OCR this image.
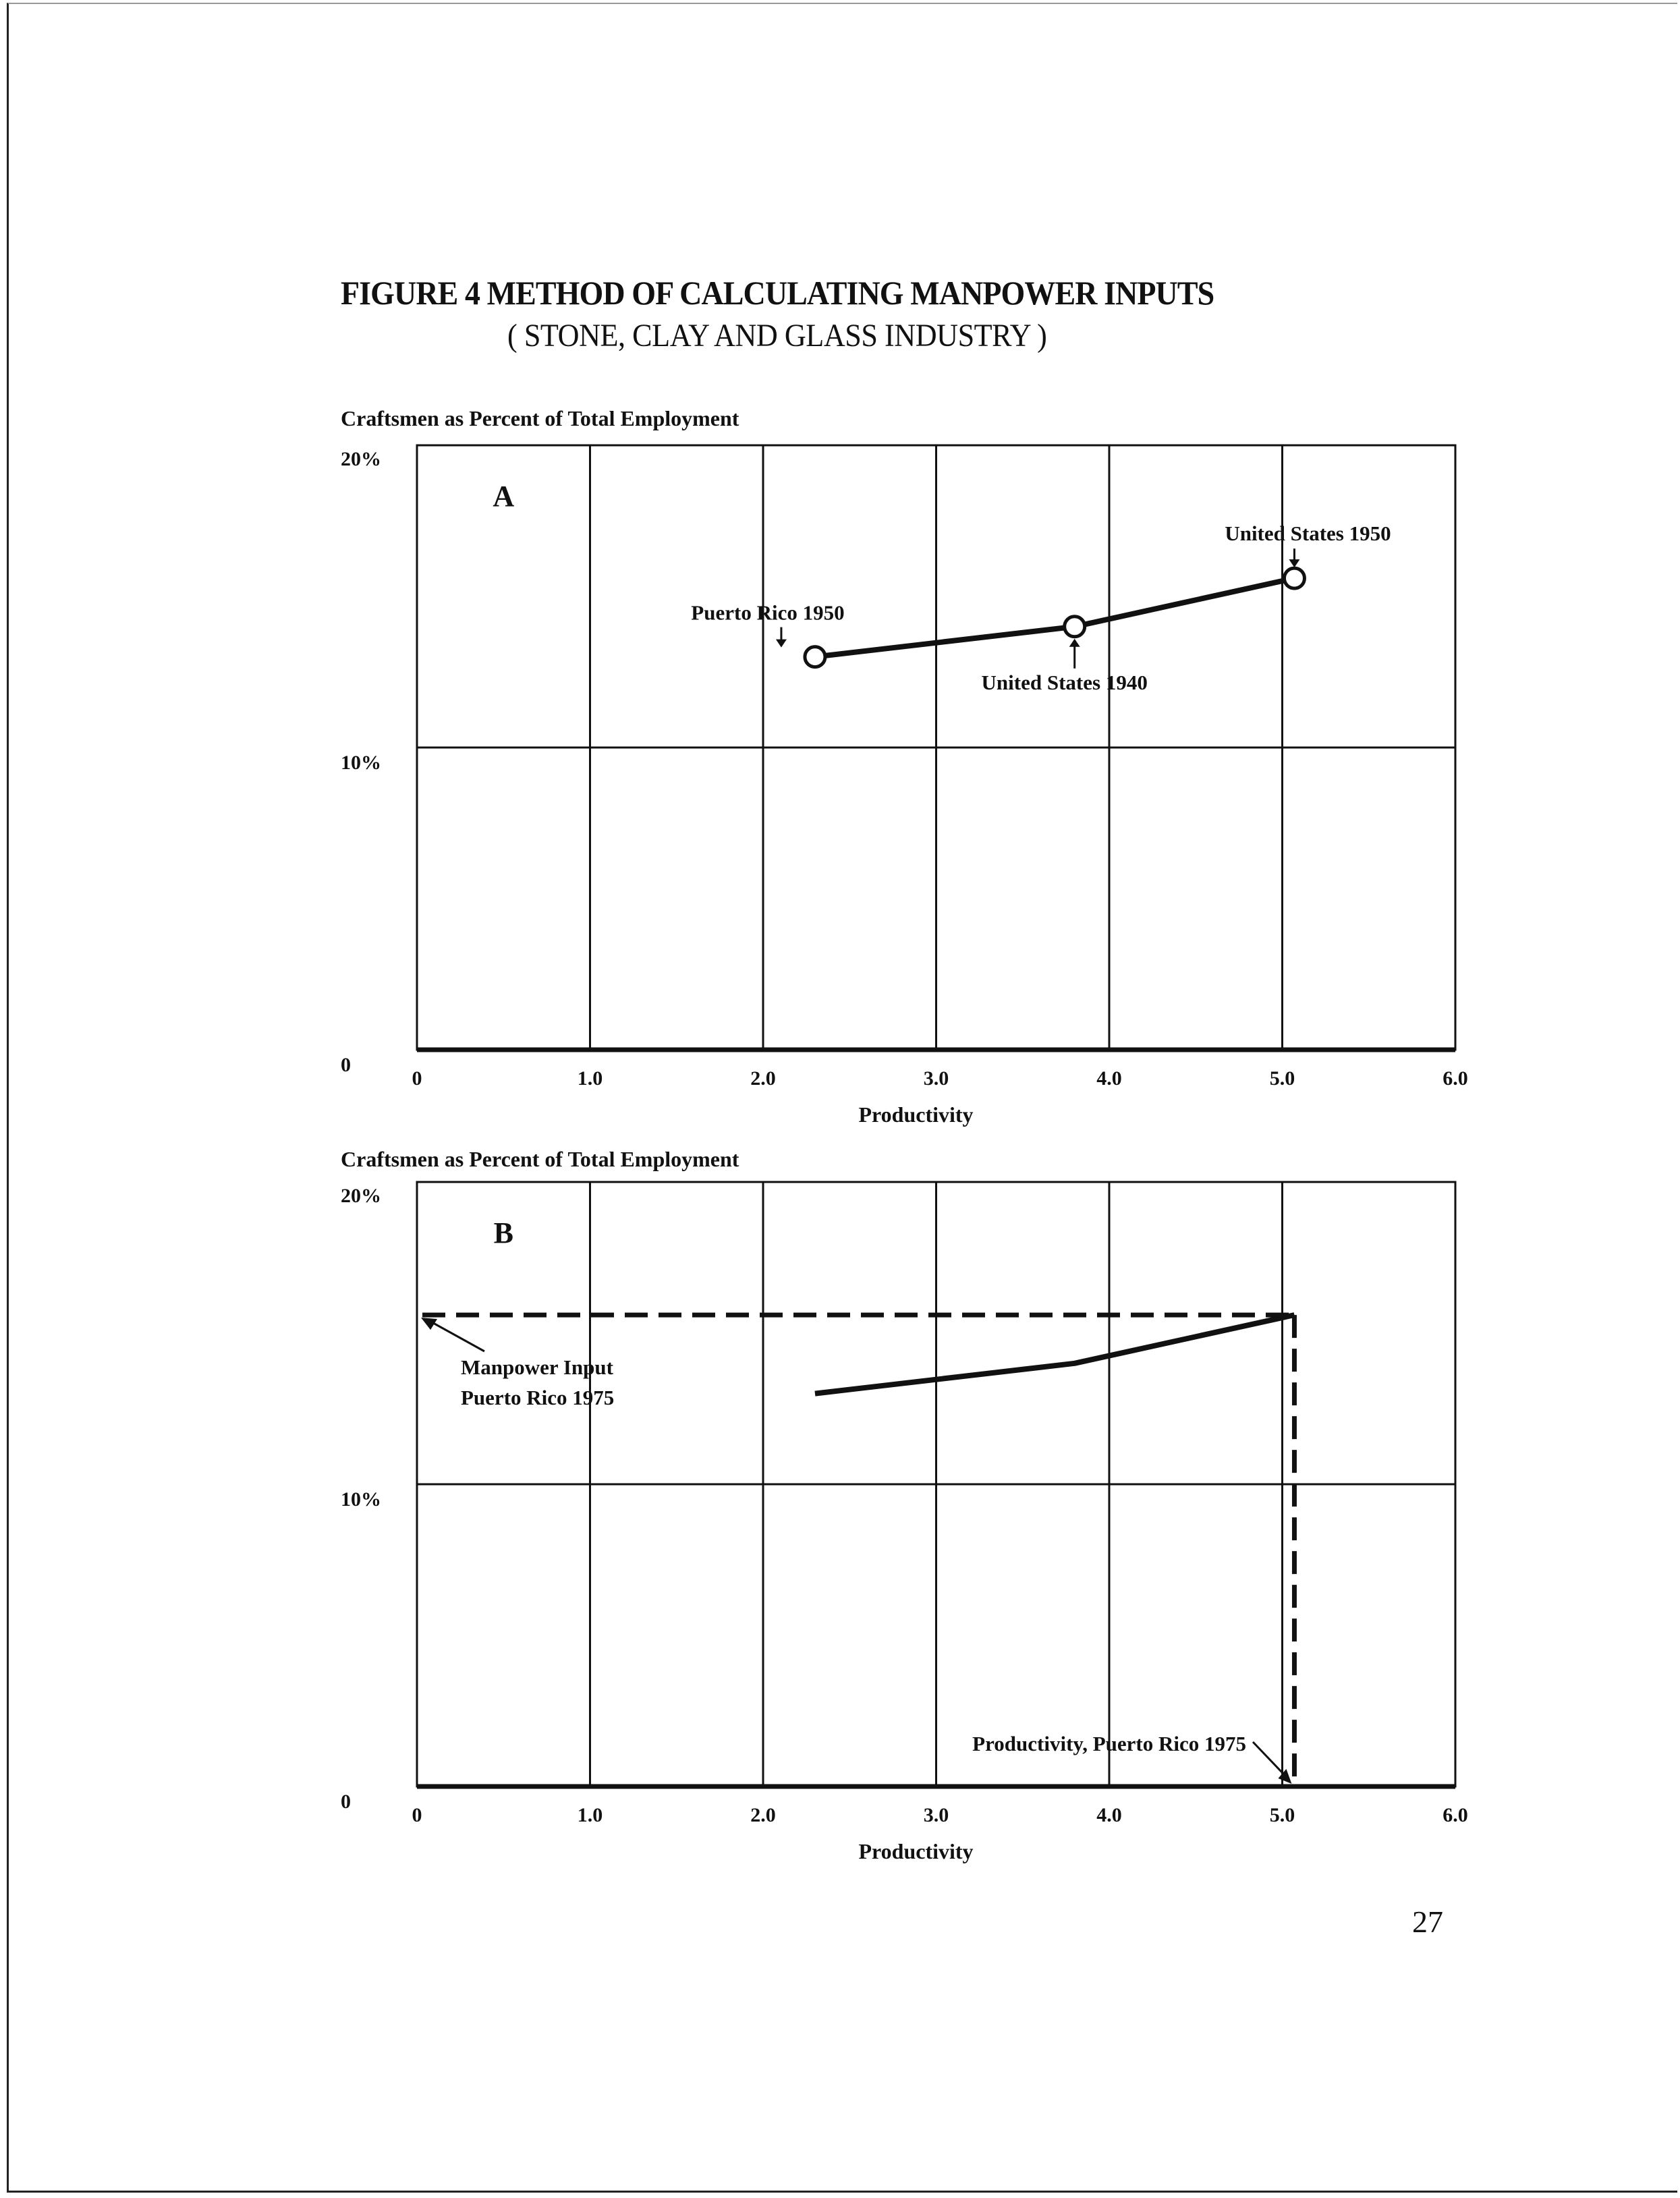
FIGURE 4 METHOD OF CALCULATING MANPOWER INPUTS
( STONE, CLAY AND GLASS INDUSTRY )
Craftsmen as Percent of Total Employment
Craftsmen as Percent of Total Employment
0	1.0	2.0	3.0	4.0	5.0	6.0
0
10%
20%
Productivity
A
Puerto Rico 1950
United States 1940
United States 1950
0	1.0	2.0	3.0	4.0	5.0	6.0
0
10%
20%
Productivity
B
Manpower Input
Puerto Rico 1975
Productivity, Puerto Rico 1975
27
